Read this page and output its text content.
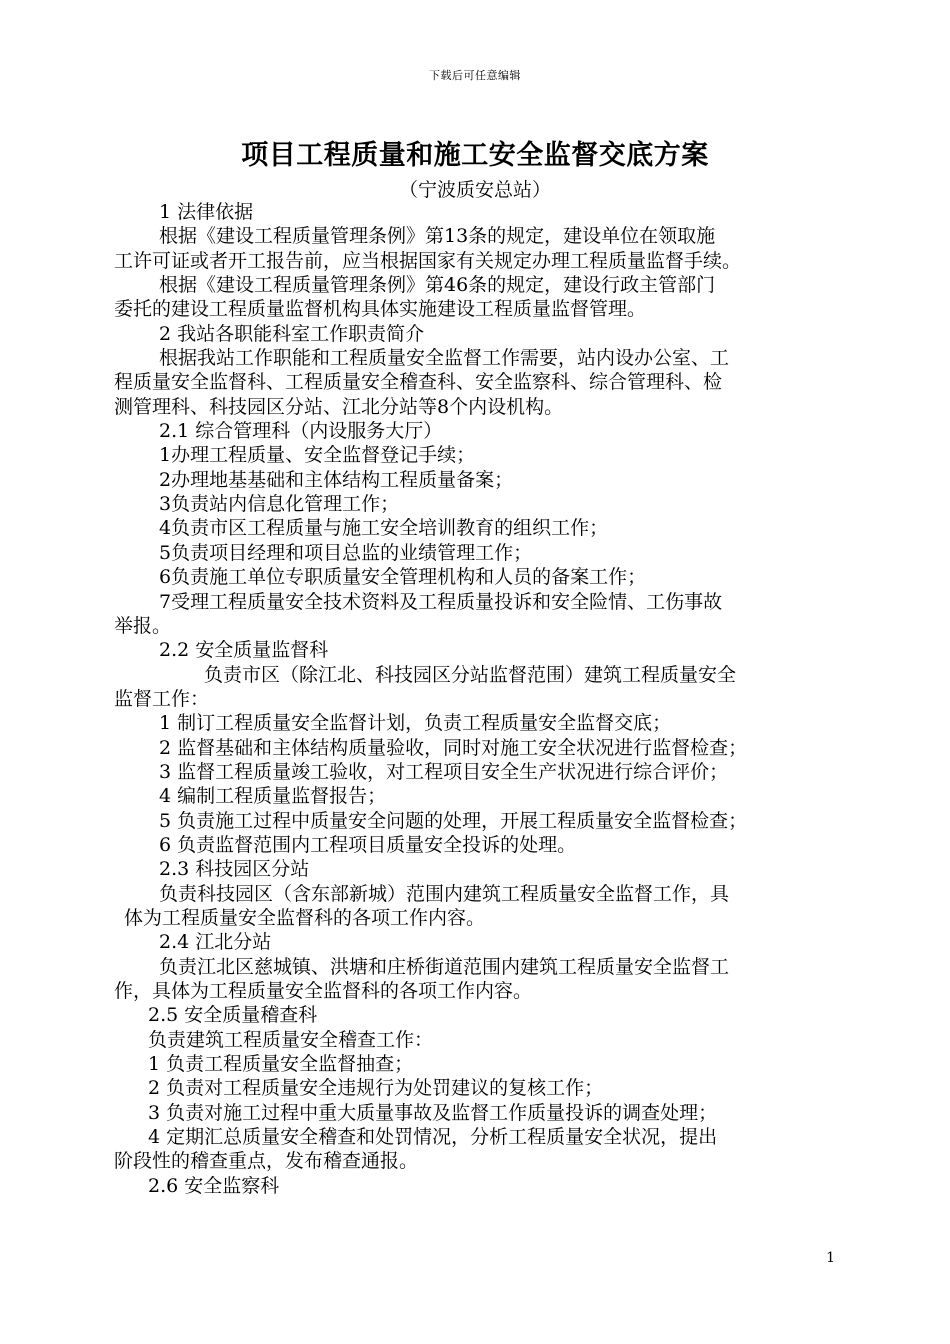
下载后可任意编辑
项目工程质量和施工安全监督交底方案
（宁波质安总站）
1 法律依据
根据《建设工程质量管理条例》第13条的规定，建设单位在领取施
工许可证或者开工报告前，应当根据国家有关规定办理工程质量监督手续。
根据《建设工程质量管理条例》第46条的规定，建设行政主管部门
委托的建设工程质量监督机构具体实施建设工程质量监督管理。
2 我站各职能科室工作职责简介
根据我站工作职能和工程质量安全监督工作需要，站内设办公室、工
程质量安全监督科、工程质量安全稽查科、安全监察科、综合管理科、检
测管理科、科技园区分站、江北分站等8个内设机构。
2.1 综合管理科（内设服务大厅）
1办理工程质量、安全监督登记手续；
2办理地基基础和主体结构工程质量备案；
3负责站内信息化管理工作；
4负责市区工程质量与施工安全培训教育的组织工作；
5负责项目经理和项目总监的业绩管理工作；
6负责施工单位专职质量安全管理机构和人员的备案工作；
7受理工程质量安全技术资料及工程质量投诉和安全险情、工伤事故
举报。
2.2 安全质量监督科
负责市区（除江北、科技园区分站监督范围）建筑工程质量安全
监督工作：
1 制订工程质量安全监督计划，负责工程质量安全监督交底；
2 监督基础和主体结构质量验收，同时对施工安全状况进行监督检查；
3 监督工程质量竣工验收，对工程项目安全生产状况进行综合评价；
4 编制工程质量监督报告；
5 负责施工过程中质量安全问题的处理，开展工程质量安全监督检查；
6 负责监督范围内工程项目质量安全投诉的处理。
2.3 科技园区分站
负责科技园区（含东部新城）范围内建筑工程质量安全监督工作，具
体为工程质量安全监督科的各项工作内容。
2.4 江北分站
负责江北区慈城镇、洪塘和庄桥街道范围内建筑工程质量安全监督工
作，具体为工程质量安全监督科的各项工作内容。
2.5 安全质量稽查科
负责建筑工程质量安全稽查工作：
1 负责工程质量安全监督抽查；
2 负责对工程质量安全违规行为处罚建议的复核工作；
3 负责对施工过程中重大质量事故及监督工作质量投诉的调查处理；
4 定期汇总质量安全稽查和处罚情况，分析工程质量安全状况，提出
阶段性的稽查重点，发布稽查通报。
2.6 安全监察科
1
